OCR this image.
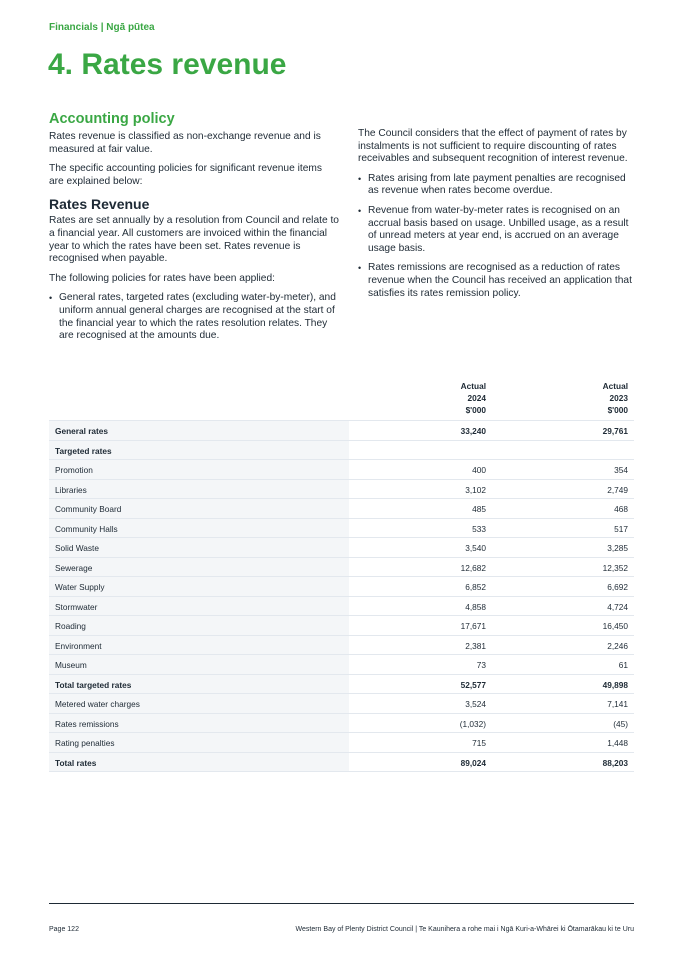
Financials | Ngā pūtea
4. Rates revenue
Accounting policy

Rates revenue is classified as non-exchange revenue and is measured at fair value.

The specific accounting policies for significant revenue items are explained below:

Rates Revenue

Rates are set annually by a resolution from Council and relate to a financial year. All customers are invoiced within the financial year to which the rates have been set. Rates revenue is recognised when payable.

The following policies for rates have been applied:

• General rates, targeted rates (excluding water-by-meter), and uniform annual general charges are recognised at the start of the financial year to which the rates resolution relates. They are recognised at the amounts due.

The Council considers that the effect of payment of rates by instalments is not sufficient to require discounting of rates receivables and subsequent recognition of interest revenue.

• Rates arising from late payment penalties are recognised as revenue when rates become overdue.
• Revenue from water-by-meter rates is recognised on an accrual basis based on usage. Unbilled usage, as a result of unread meters at year end, is accrued on an average usage basis.
• Rates remissions are recognised as a reduction of rates revenue when the Council has received an application that satisfies its rates remission policy.
Actual
2024
$'000
Actual
2023
$'000
General rates	33,240	29,761
Targeted rates
Promotion	400	354
Libraries	3,102	2,749
Community Board	485	468
Community Halls	533	517
Solid Waste	3,540	3,285
Sewerage	12,682	12,352
Water Supply	6,852	6,692
Stormwater	4,858	4,724
Roading	17,671	16,450
Environment	2,381	2,246
Museum	73	61
Total targeted rates	52,577	49,898
Metered water charges	3,524	7,141
Rates remissions	(1,032)	(45)
Rating penalties	715	1,448
Total rates	89,024	88,203
Page 122	Western Bay of Plenty District Council | Te Kaunihera a rohe mai i Ngā Kuri-a-Whārei ki Ōtamarākau ki te Uru
